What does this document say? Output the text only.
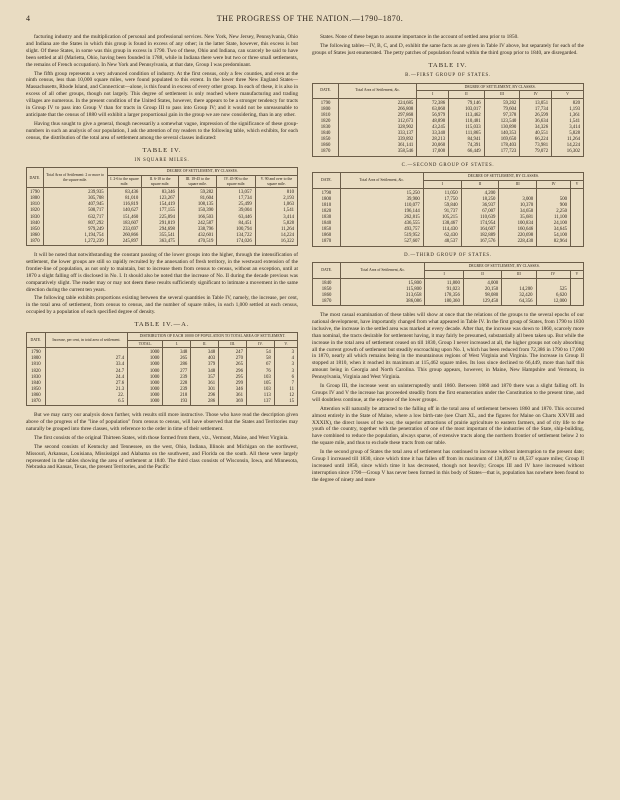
4	THE PROGRESS OF THE NATION.—1790–1870.

facturing industry and the multiplication of personal and professional services. New York, New Jersey, Pennsylvania, Ohio and Indiana are the States in which this group is found in excess of any other; in the latter State, however, this excess is but slight. Of these States, in some was this group in excess in 1790. Two of these, Ohio and Indiana, can scarcely be said to have been settled at all (Marietta, Ohio, having been founded in 1788, while in Indiana there were but two or three small settlements, the remains of French occupation). In New York and Pennsylvania, at that date, Group I was predominant.

The fifth group represents a very advanced condition of industry. At the first census, only a few counties, and even at the ninth census, less than 10,000 square miles, were found populated to this extent. In the lower three New England States—Massachusetts, Rhode Island, and Connecticut—alone, is this found in excess of every other group. In each of these, it is also in excess of all other groups, though not largely. This degree of settlement is only reached where manufacturing and trading villages are numerous. In the present condition of the United States, however, there appears to be a stronger tendency for tracts in Group IV to pass into Group V than for tracts in Group III to pass into Group IV; and it would not be unreasonable to anticipate that the census of 1880 will exhibit a larger proportional gain in the group we are now considering, than in any other.

Having thus sought to give a general, though necessarily a somewhat vague, impression of the significance of these group-numbers in such an analysis of our population, I ask the attention of my readers to the following table, which exhibits, for each census, the distribution of the total area of settlement among the several classes indicated:

TABLE IV.
IN SQUARE MILES.
DATE.	Total Area of Settlement: 2 or more to the square mile.	DEGREE OF SETTLEMENT, BY CLASSES.				
		I. 2-6 to the square mile.	II. 6-18 to the square mile.	III. 18-45 to the square mile.	IV. 45-90 to the square mile.	V. 90 and over to the square mile.
1790	239,935	83,436	83,346	59,282	13,057	810
1800	305,708	81,010	123,267	81,604	17,734	2,193
1810	407,945	116,819	154,419	108,135	25,499	1,063
1820	508,717	140,627	177,155	150,390	39,004	1,541
1830	632,717	151,460	225,894	166,503	63,446	3,414
1840	807,292	183,607	291,819	242,587	84,451	5,828
1850	979,249	233,697	294,698	338,796	100,794	11,264
1860	1,194,754	260,866	355,541	432,601	134,722	14,224
1870	1,272,239	245,897	363,475	470,519	174,026	16,322

It will be noted that notwithstanding the constant passing of the lower groups into the higher, through the intensification of settlement, the lower groups are still so rapidly recruited by the annexation of fresh territory, in the westward extension of the frontier-line of population, as not only to maintain, but to increase them from census to census, without an exception, until at 1870 a slight falling off is disclosed in No. I. It should also be noted that the increase of No. II during the decade previous was comparatively slight. The reader may or may not deem these results sufficiently significant to intimate a movement in the same direction during the current ten years.

The following table exhibits proportions existing between the several quantities in Table IV, namely, the increase, per cent, in the total area of settlement, from census to census, and the number of square miles, in each 1,000 settled at each census, occupied by a population of each specified degree of density.

TABLE IV.—A.
DATE.	Increase, per cent, in total area of settlement.	DISTRIBUTION OF EACH 10000 OF POPULATION TO TOTAL AREA OF SETTLEMENT.					
		TOTAL.	I.	II.	III.	IV.	V.
1790		1000	348	348	247	54	3
1800	27.4	1000	265	403	270	58	4
1810	33.4	1000	286	379	265	67	3
1820	24.7	1000	277	348	296	76	3
1830	24.4	1000	239	357	295	103	6
1840	27.6	1000	228	361	299	105	7
1850	21.3	1000	239	301	346	103	11
1860	22.	1000	218	296	361	113	12
1870	6.5	1000	193	286	369	137	15

But we may carry our analysis down further, with results still more instructive. Those who have read the description given above of the progress of the "line of population" from census to census, will have observed that the States and Territories may naturally be grouped into three classes, with reference to the order in time of their settlement.

The first consists of the original Thirteen States, with those formed from them, viz., Vermont, Maine, and West Virginia.

The second consists of Kentucky and Tennessee, on the west, Ohio, Indiana, Illinois and Michigan on the northwest, Missouri, Arkansas, Louisiana, Mississippi and Alabama on the southwest, and Florida on the south. All these were largely represented in the tables showing the area of settlement at 1840. The third class consists of Wisconsin, Iowa, and Minnesota, Nebraska and Kansas, Texas, the present Territories, and the Pacific

States. None of these began to assume importance in the account of settled area prior to 1850.

The following tables—IV, B, C, and D, exhibit the same facts as are given in Table IV above, but separately for each of the groups of States just enumerated. The petty patches of population found within the third group prior to 1840, are disregarded.

TABLE IV.
B.—FIRST GROUP OF STATES.
DATE.	Total Area of Settlement, &c.	DEGREE OF SETTLEMENT, BY CLASSES.				
		I	II	III	IV	V
1790	224,685	72,386	79,146	59,282	13,051	820
1800	266,808	63,060	103,017	79,604	17,734	1,193
1810	297,868	56,979	113,462	97,378	26,599	1,361
1820	312,673	48,890	110,481	123,540	36,634	1,541
1830	328,902	43,245	115,033	130,890	34,326	3,414
1840	333,137	33,340	111,865	140,353	40,551	5,828
1850	339,892	28,213	84,941	169,650	66,224	11,264
1860	361,141	20,060	74,391	178,403	73,981	14,224
1870	358,546	17,000	66,449	177,723	79,072	16,302
C.—SECOND GROUP OF STATES.
DATE.	Total Area of Settlement, &c.	DEGREE OF SETTLEMENT, BY CLASSES.				
		I	II	III	IV	V
1790	15,250	11,050	4,200			
1800	39,900	17,750	18,250	3,000	500	
1810	110,077	59,840	36,937	10,370	900	
1820	196,144	91,737	67,007	34,650	2,250	
1830	262,815	105,215	110,639	35,681	11,100	
1840	436,555	138,467	174,954	100,834	24,100	
1850	493,757	114,430	164,607	160,646	34,645	
1860	519,952	62,430	182,889	220,698	54,100	
1870	527,607	48,537	167,576	228,430	82,964	
D.—THIRD GROUP OF STATES.
DATE.	Total Area of Settlement, &c.	DEGREE OF SETTLEMENT, BY CLASSES.				
		I	II	III	IV	V
1840	15,800	11,800	4,000			
1850	115,800	91,023	20,150	14,200	525	
1860	313,658	178,356	98,080	32,420	6,620	
1870	386,086	180,360	129,450	64,356	12,000	

The most casual examination of these tables will show at once that the relations of the groups to the several epochs of our national development, have importantly changed from what appeared in Table IV. In the first group of States, from 1790 to 1830 inclusive, the increase in the settled area was marked at every decade. After that, the increase was down to 1860, scarcely more than nominal, the tracts desirable for settlement having, it may fairly be presumed, substantially all been taken up. But while the increase in the total area of settlement ceased on till 1830, Group I never increased at all, the higher groups not only absorbing all the current growth of settlement but steadily encroaching upon No. I, which has been reduced from 72,386 in 1790 to 17,000 in 1870, nearly all which remains being in the mountainous regions of West Virginia and Virginia. The increase in Group II stopped at 1810, when it reached its maximum at 115,462 square miles. Its loss since declined to 66,449, more than half this amount being in Georgia and North Carolina. This group appears, however, in Maine, New Hampshire and Vermont, in Pennsylvania, Virginia and West Virginia.

In Group III, the increase went on uninterruptedly until 1860. Between 1860 and 1870 there was a slight falling off. In Groups IV and V the increase has proceeded steadily from the first enumeration under the Constitution to the present time, and will doubtless continue, at the expense of the lower groups.

Attention will naturally be attracted to the falling off in the total area of settlement between 1860 and 1870. This occurred almost entirely in the State of Maine, where a low birth-rate (see Chart XL, and the figures for Maine on Charts XXVIII and XXXIX), the direct losses of the war, the superior attractions of prairie agriculture to eastern farmers, and of city life to the youth of the country, together with the penetration of one of the most important of the industries of the State, ship-building, have combined to reduce the population, always sparse, of extensive tracts along the northern frontier of settlement below 2 to the square mile, and thus to exclude these tracts from our table.

In the second group of States the total area of settlement has continued to increase without interruption to the present date; Group I increased till 1830, since which time it has fallen off from its maximum of 138,467 to 48,537 square miles; Group II increased until 1850, since which time it has decreased, though not heavily; Groups III and IV have increased without interruption since 1790—Group V has never been formed in this body of States—that is, population has nowhere been found to the degree of ninety and more
